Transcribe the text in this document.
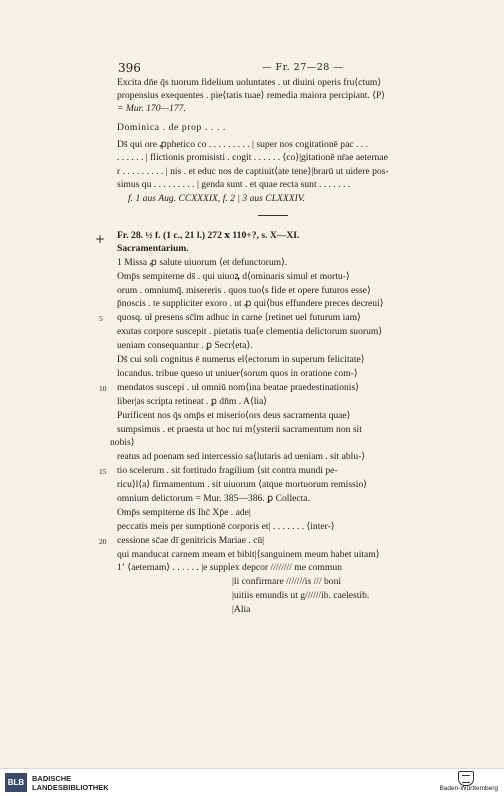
396	— Fr. 27—28 —
Excita dn̄e q̄s tuorum fidelium uoluntates . ut diuini operis fru⟨ctum⟩
propensius exequentes . pie⟨tatis tuae⟩ remedia maiora percipiant. ⟨P⟩
= Mur. 170—177.
Dominica . de prop . . . .
Ds̄ qui ore ꝓphetico co . . . . . . . . . | super nos cogitationē pac . . .
. . . . . . | flictionis promisisti . cogit . . . . . . ⟨co⟩|gitationē nr̄ae aeternae
r . . . . . . . . . | nis . et educ nos de captiuit⟨ate tene⟩|brarū ut uidere pos-
simus qu . . . . . . . . . | genda sunt . et quae recta sunt . . . . . . .
f. 1 aus Aug. CCXXXIX, f. 2 | 3 aus CLXXXIV.
+ Fr. 28. ½ f. (1 c., 21 l.) 272 ⅹ 110+?, s. X—XI.
Sacramentarium.
1 Missa ꝓ salute uiuorum ⟨et defunctorum⟩.
Omp̄s sempiterne ds̄ . qui uiuoꝝ d⟨ominaris simul et mortu-⟩
orum . omniumq̄. misereris . quos tuo⟨s fide et opere futuros esse⟩
p̄noscis . te suppliciter exoro . ut ꝓ qui⟨bus effundere preces decreui⟩
5 quosq. uł presens sc̄lm adhuc in carne ⟨retinet uel futurum iam⟩
exutas corpore suscepit . pietatis tua⟨e clementia delictorum suorum⟩
ueniam consequantur . ꝑ Secr⟨eta⟩.
Ds̄ cui soli cognitus ē numerus el⟨ectorum in superum felicitate⟩
locandus. tribue queso ut uniuer⟨sorum quos in oratione com-⟩
10 mendatos suscepi . uł omniū nom⟨ina beatae praedestinationis⟩
liber|as scripta retineat . ꝑ dn̄m . A⟨lia⟩
Purificent nos q̄s omp̄s et miserio⟨ors deus sacramenta quae⟩
sumpsimus . et praesta ut hoc tui m⟨ysterii sacramentum non sit
nobis⟩
reatus ad poenam sed intercessio sa⟨lutaris ad ueniam . sit ablu-⟩
15 tio scelerum . sit fortitudo fragilium ⟨sit contra mundi pe-
ricu⟩l⟨a⟩ firmamentum . sit uiuorum ⟨atque mortuorum remissio⟩
omnium delictorum = Mur. 385—386. ꝑ Collecta.
Omp̄s sempiterne ds̄ Ihc̄ Xp̄e . ade|
peccatis meis per sumptionē corporis et| . . . . . . . ⟨inter-⟩
20 cessione sc̄ae dī genitricis Mariae . cū|
qui manducat carnem meam et bibit|⟨sanguinem meum habet uitam⟩
1ʼ ⟨aeternam⟩ . . . . . . |e supplex depcor //////// me commun
|li confirmare ///////is /// boni
|uitiis emundis ut g//////ib. caelestib.
|Alia
BLB	BADISCHE
LANDESBIBLIOTHEK	Baden-Württemberg
